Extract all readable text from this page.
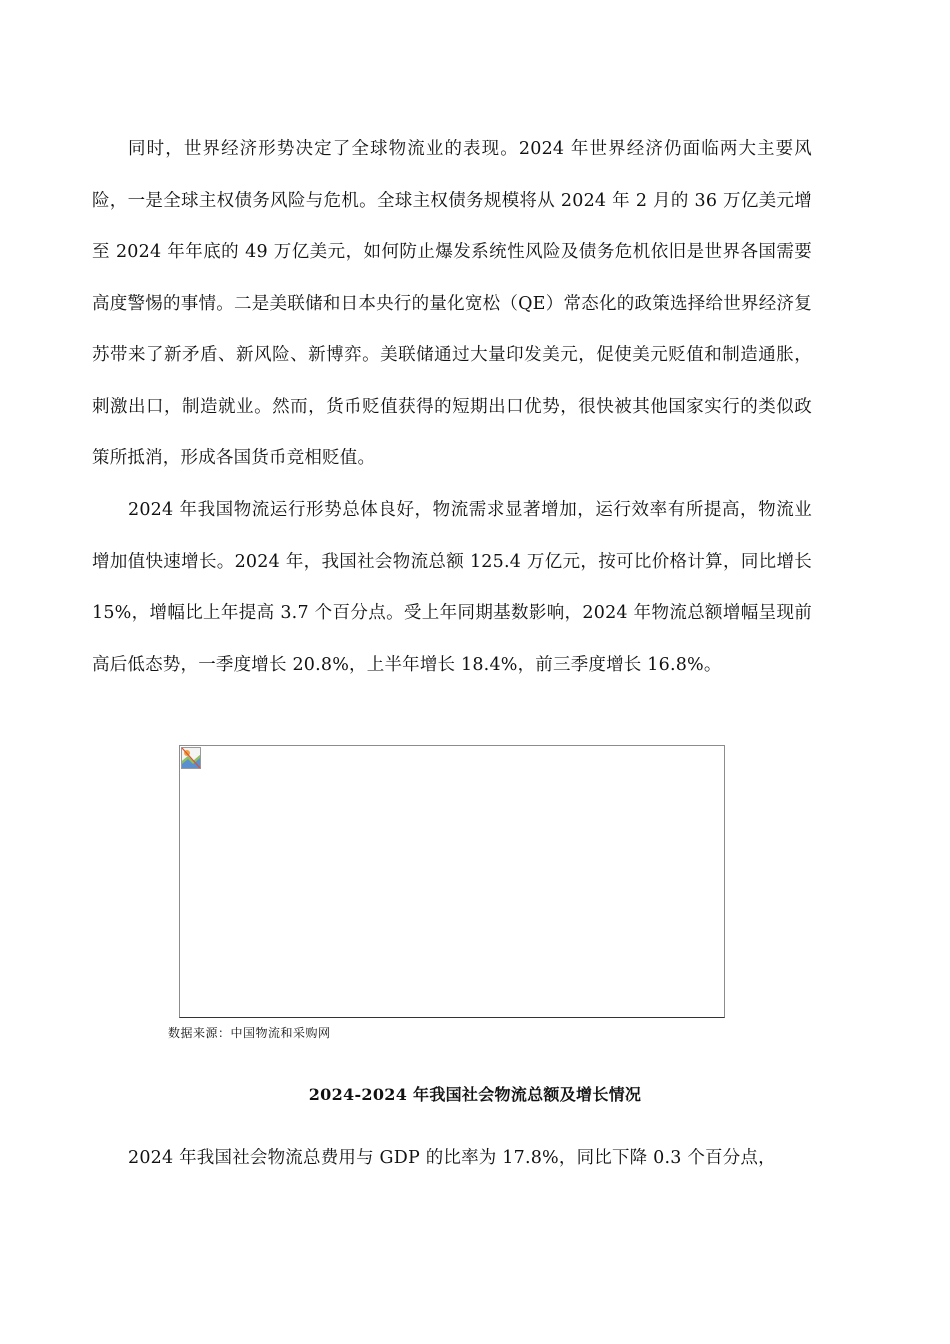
同时，世界经济形势决定了全球物流业的表现。2024 年世界经济仍面临两大主要风险，一是全球主权债务风险与危机。全球主权债务规模将从 2024 年 2 月的 36 万亿美元增至 2024 年年底的 49 万亿美元，如何防止爆发系统性风险及债务危机依旧是世界各国需要高度警惕的事情。二是美联储和日本央行的量化宽松（QE）常态化的政策选择给世界经济复苏带来了新矛盾、新风险、新博弈。美联储通过大量印发美元，促使美元贬值和制造通胀，刺激出口，制造就业。然而，货币贬值获得的短期出口优势，很快被其他国家实行的类似政策所抵消，形成各国货币竞相贬值。

2024 年我国物流运行形势总体良好，物流需求显著增加，运行效率有所提高，物流业增加值快速增长。2024 年，我国社会物流总额 125.4 万亿元，按可比价格计算，同比增长 15%，增幅比上年提高 3.7 个百分点。受上年同期基数影响，2024 年物流总额增幅呈现前高后低态势，一季度增长 20.8%，上半年增长 18.4%，前三季度增长 16.8%。

数据来源：中国物流和采购网
2024-2024 年我国社会物流总额及增长情况

2024 年我国社会物流总费用与 GDP 的比率为 17.8%，同比下降 0.3 个百分点，
